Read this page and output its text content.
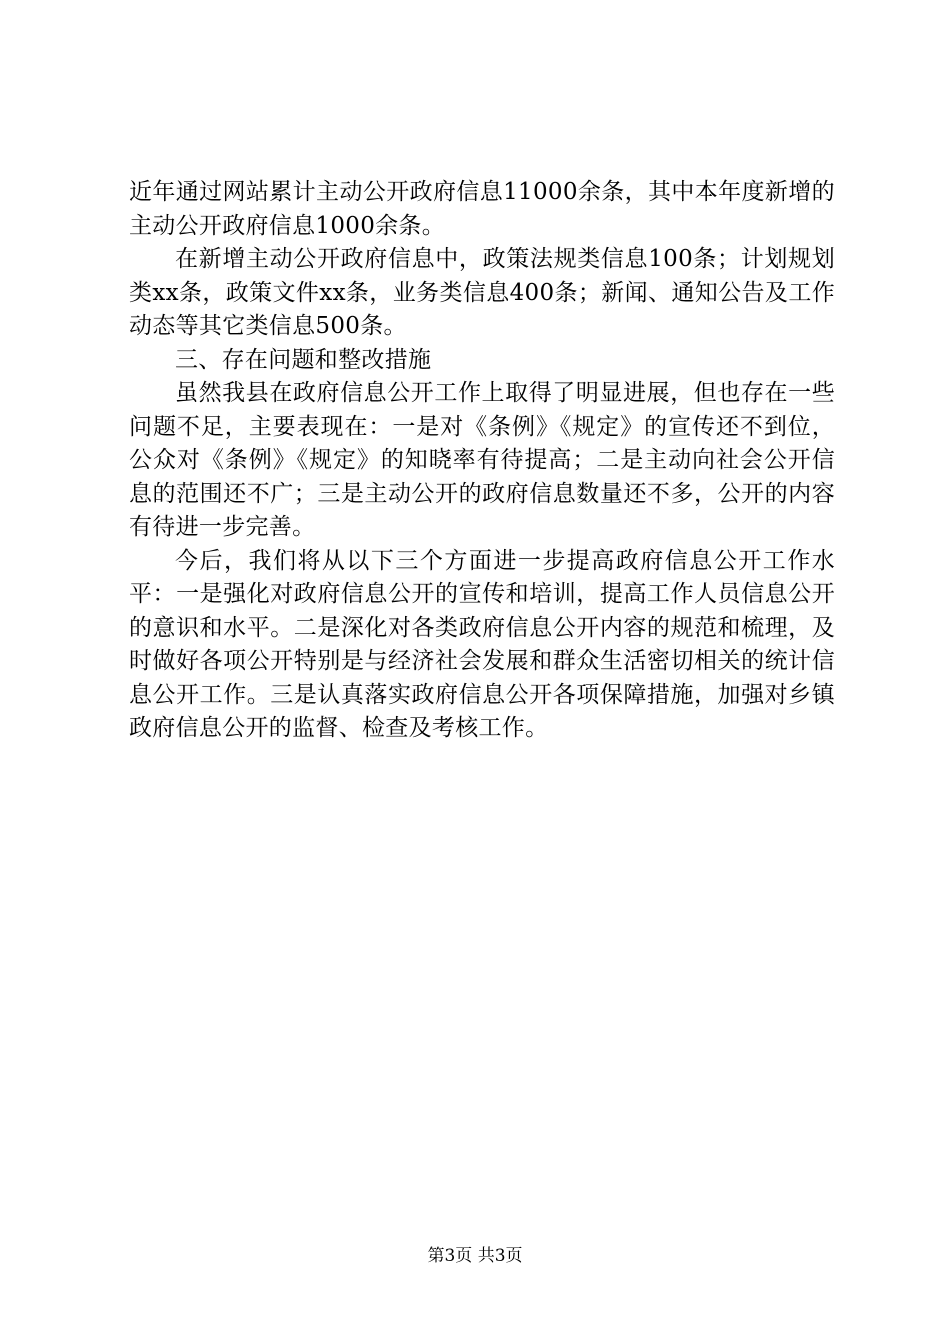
近年通过网站累计主动公开政府信息11000余条，其中本年度新增的主动公开政府信息1000余条。

在新增主动公开政府信息中，政策法规类信息100条；计划规划类xx条，政策文件xx条，业务类信息400条；新闻、通知公告及工作动态等其它类信息500条。

三、存在问题和整改措施

虽然我县在政府信息公开工作上取得了明显进展，但也存在一些问题不足，主要表现在：一是对《条例》《规定》的宣传还不到位，公众对《条例》《规定》的知晓率有待提高；二是主动向社会公开信息的范围还不广；三是主动公开的政府信息数量还不多，公开的内容有待进一步完善。

今后，我们将从以下三个方面进一步提高政府信息公开工作水平：一是强化对政府信息公开的宣传和培训，提高工作人员信息公开的意识和水平。二是深化对各类政府信息公开内容的规范和梳理，及时做好各项公开特别是与经济社会发展和群众生活密切相关的统计信息公开工作。三是认真落实政府信息公开各项保障措施，加强对乡镇政府信息公开的监督、检查及考核工作。

第3页 共3页
